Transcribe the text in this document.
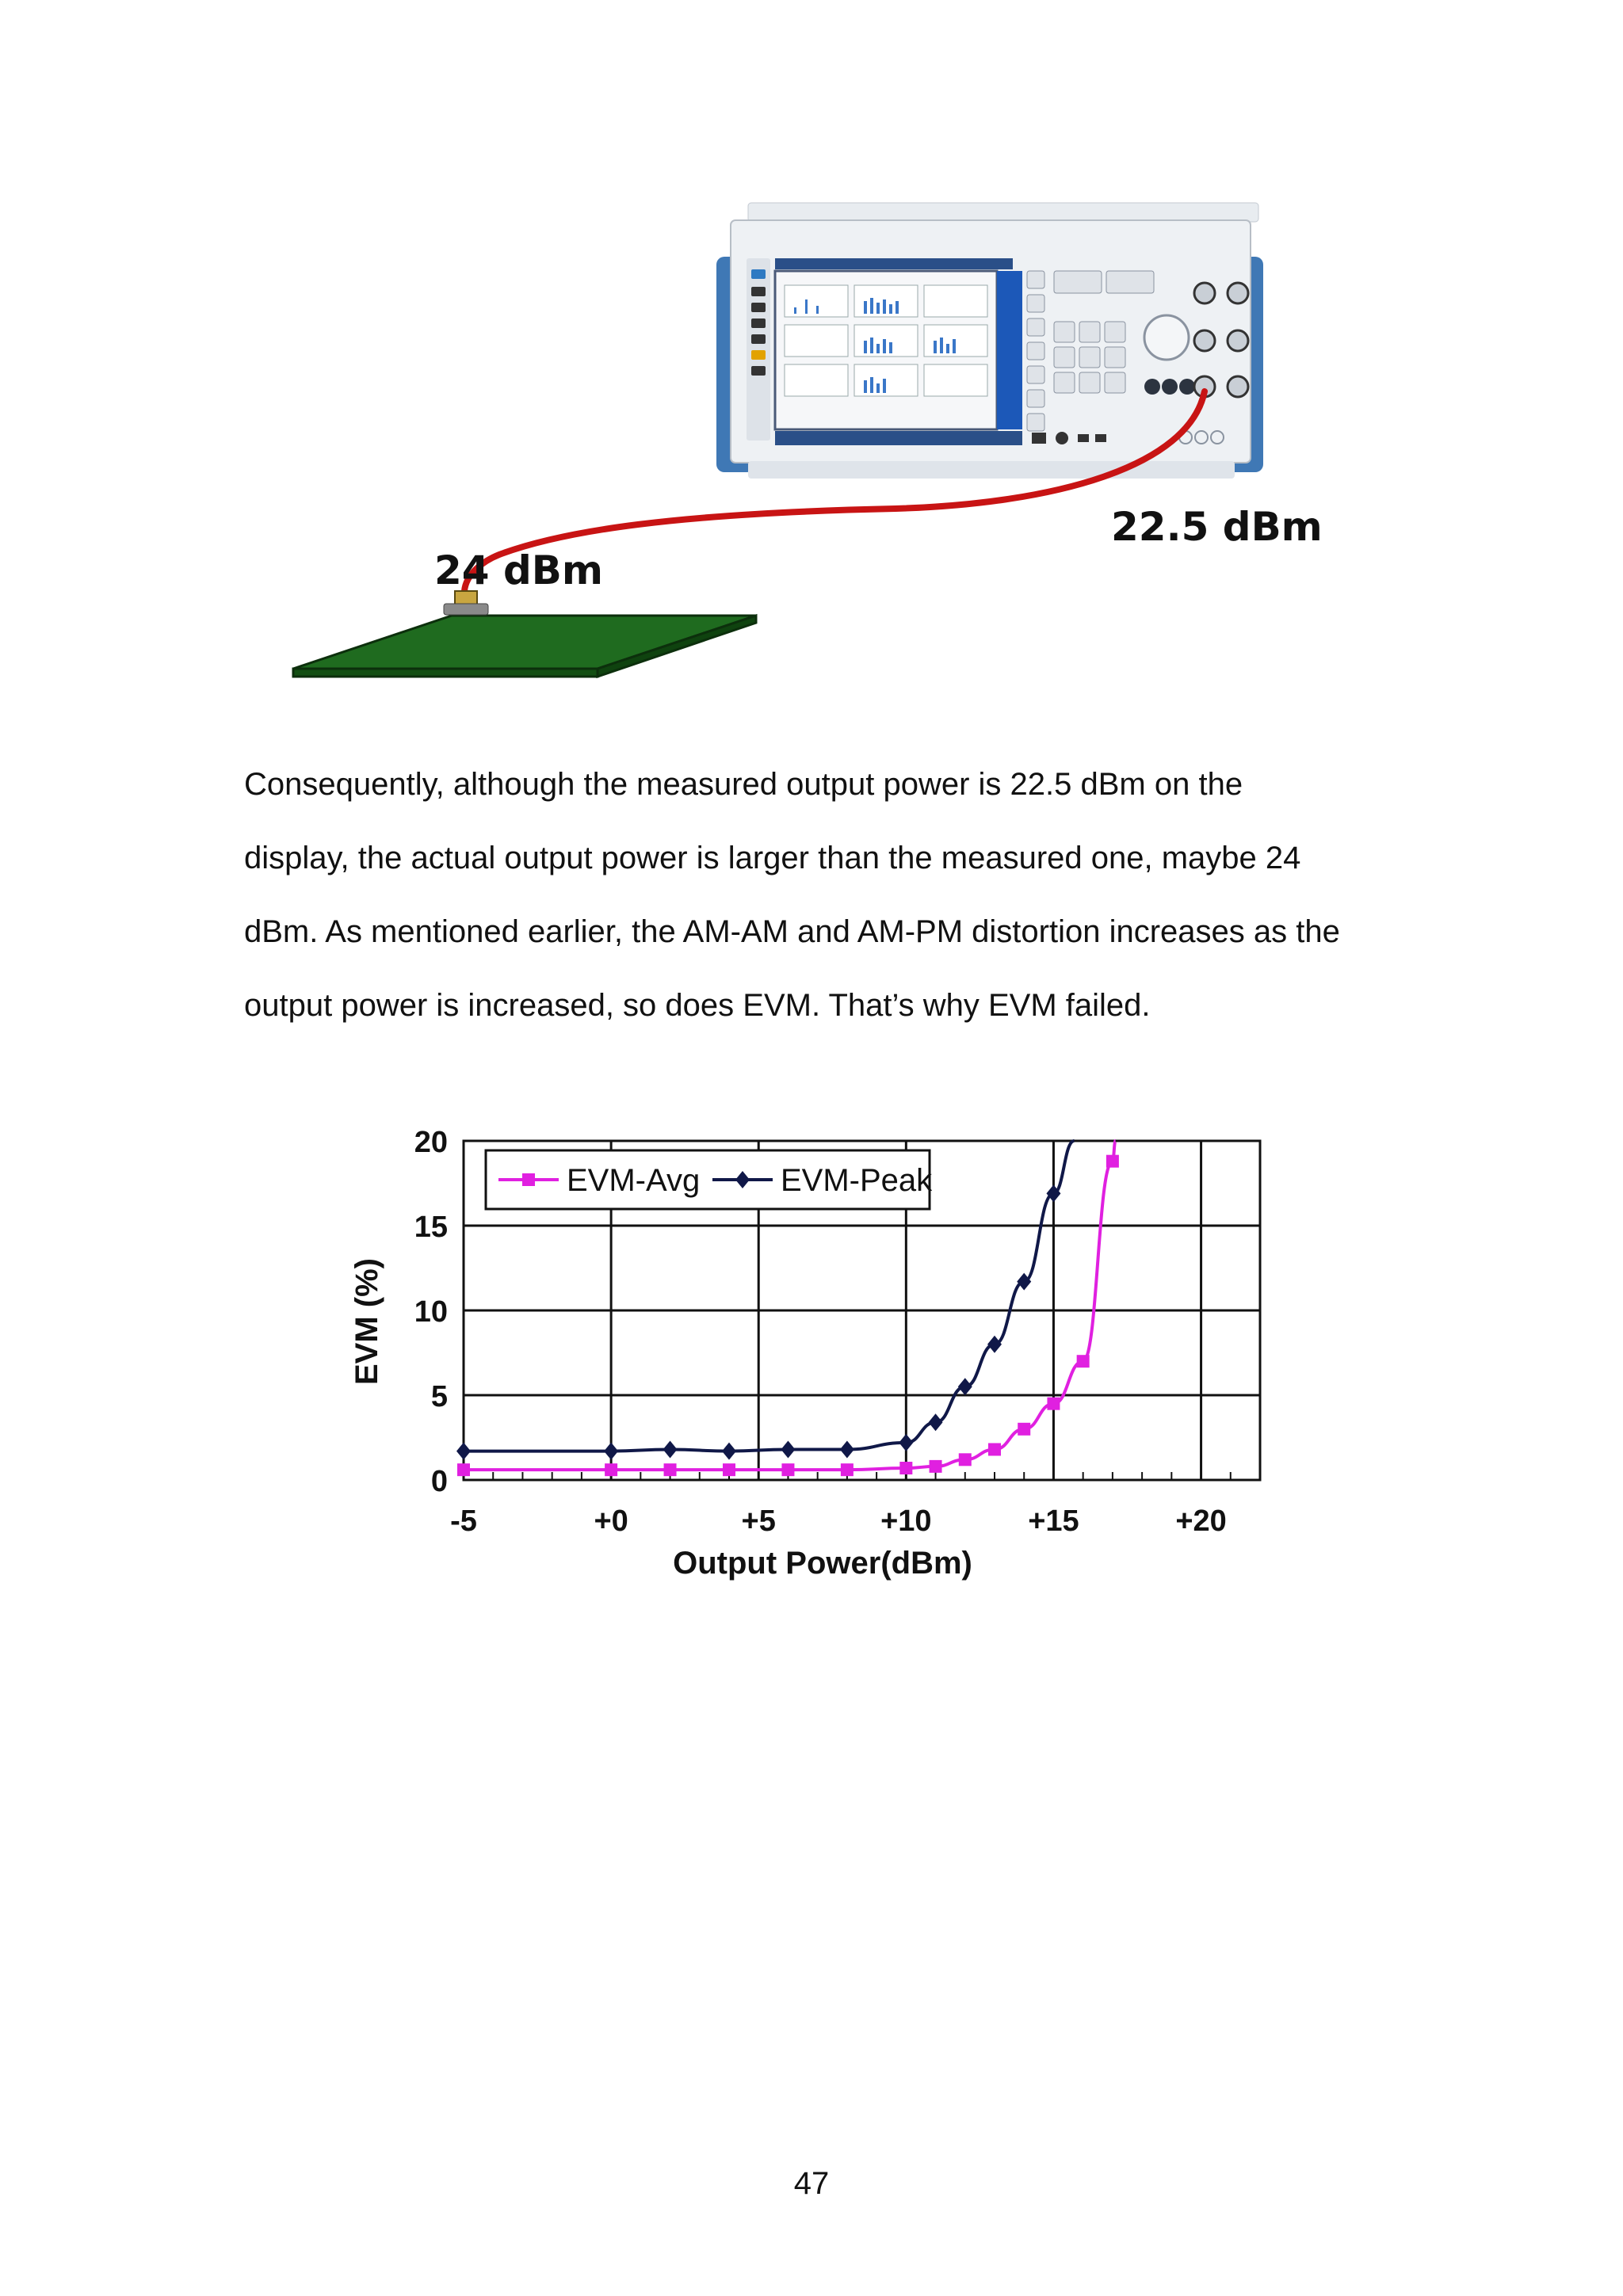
24 dBm
22.5 dBm
Consequently, although the measured output power is 22.5 dBm on the
display, the actual output power is larger than the measured one, maybe 24
dBm. As mentioned earlier, the AM-AM and AM-PM distortion increases as the
output power is increased, so does EVM. That’s why EVM failed.
-5	+0	+5	+10	+15	+20
0
5
10
15
20
EVM-Avg	EVM-Peak
EVM (%)
Output Power(dBm)
47
